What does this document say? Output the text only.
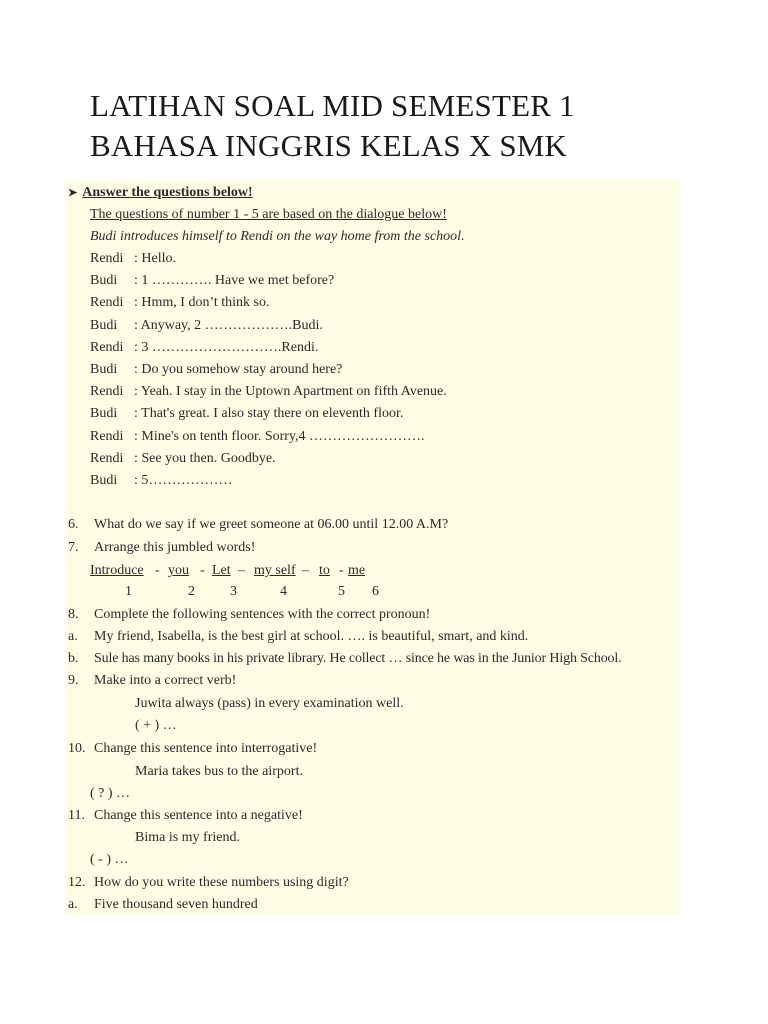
LATIHAN SOAL MID SEMESTER 1
BAHASA INGGRIS KELAS X SMK
➤ Answer the questions below!
The questions of number 1 - 5 are based on the dialogue below!
Budi introduces himself to Rendi on the way home from the school.
Rendi : Hello.
Budi : 1 …………. Have we met before?
Rendi : Hmm, I don’t think so.
Budi : Anyway, 2 ……………….Budi.
Rendi : 3 ……………………….Rendi.
Budi : Do you somehow stay around here?
Rendi : Yeah. I stay in the Uptown Apartment on fifth Avenue.
Budi : That's great. I also stay there on eleventh floor.
Rendi : Mine's on tenth floor. Sorry,4 …………………….
Rendi : See you then. Goodbye.
Budi : 5………………
6. What do we say if we greet someone at 06.00 until 12.00 A.M?
7. Arrange this jumbled words!
Introduce - you - Let – my self – to - me
1	2	3	4	5 6
8. Complete the following sentences with the correct pronoun!
a. My friend, Isabella, is the best girl at school. …. is beautiful, smart, and kind.
b. Sule has many books in his private library. He collect … since he was in the Junior High School.
9. Make into a correct verb!
Juwita always (pass) in every examination well.
( + ) …
10. Change this sentence into interrogative!
Maria takes bus to the airport.
( ? ) …
11. Change this sentence into a negative!
Bima is my friend.
( - ) …
12. How do you write these numbers using digit?
a. Five thousand seven hundred
